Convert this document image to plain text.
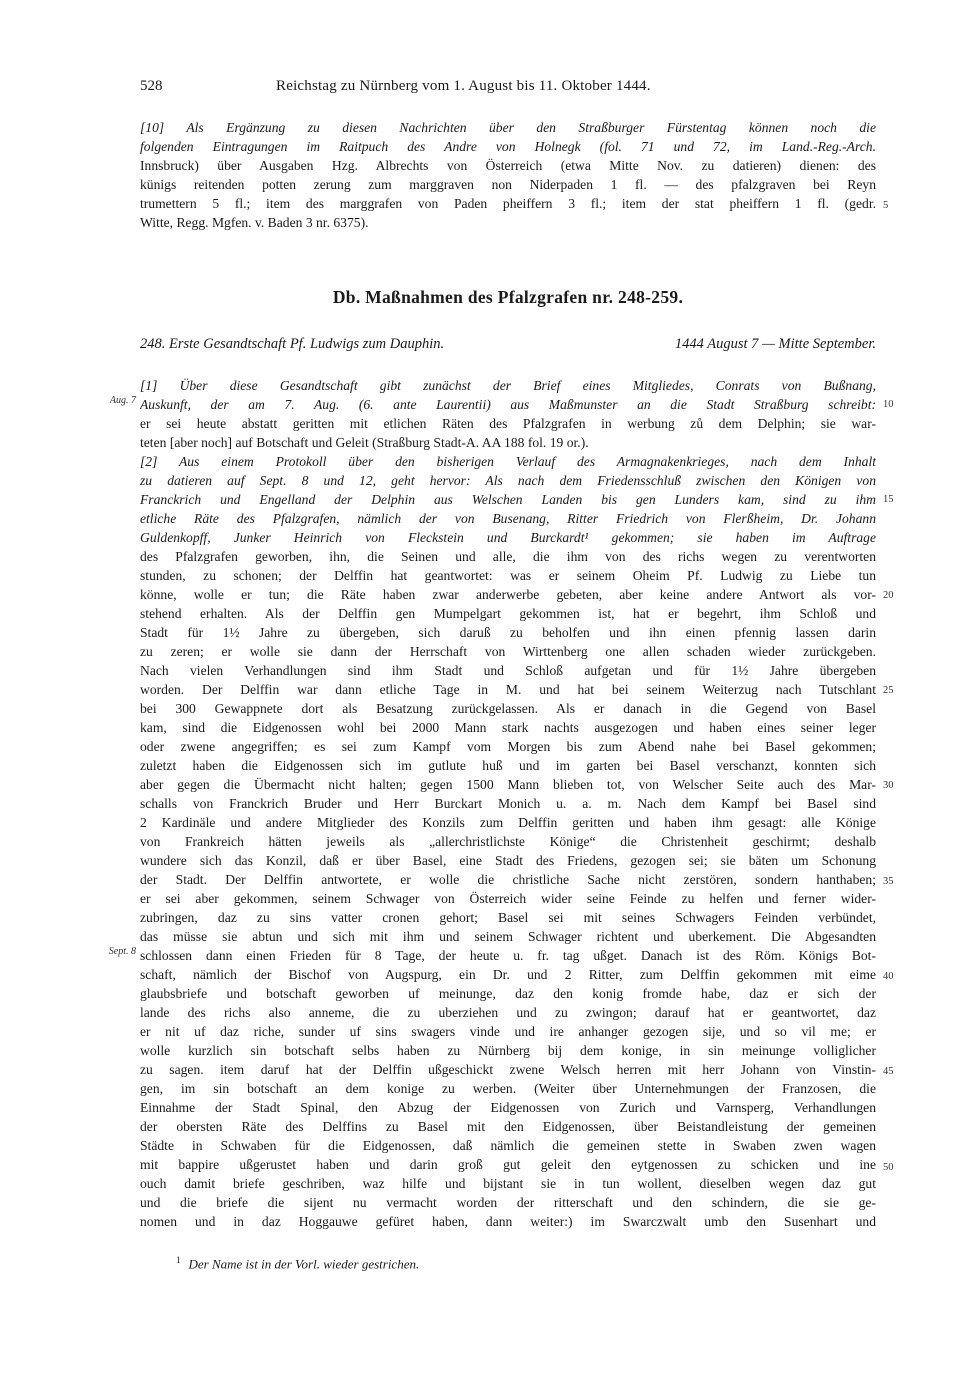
528	Reichstag zu Nürnberg vom 1. August bis 11. Oktober 1444.
[10] Als Ergänzung zu diesen Nachrichten über den Straßburger Fürstentag können noch die
folgenden Eintragungen im Raitpuch des Andre von Holnegk (fol. 71 und 72, im Land.-Reg.-Arch.
Innsbruck) über Ausgaben Hzg. Albrechts von Österreich (etwa Mitte Nov. zu datieren) dienen: des
künigs reitenden potten zerung zum marggraven non Niderpaden 1 fl. — des pfalzgraven bei Reyn
trumettern 5 fl.; item des marggrafen von Paden pheiffern 3 fl.; item der stat pheiffern 1 fl. (gedr.
Witte, Regg. Mgfen. v. Baden 3 nr. 6375).
Db. Maßnahmen des Pfalzgrafen nr. 248-259.
248. Erste Gesandtschaft Pf. Ludwigs zum Dauphin.	1444 August 7 — Mitte September.
[1] Über diese Gesandtschaft gibt zunächst der Brief eines Mitgliedes, Conrats von Bußnang,
Auskunft, der am 7. Aug. (6. ante Laurentii) aus Maßmunster an die Stadt Straßburg schreibt:
er sei heute abstatt geritten mit etlichen Räten des Pfalzgrafen in werbung zů dem Delphin; sie war-
teten [aber noch] auf Botschaft und Geleit (Straßburg Stadt-A. AA 188 fol. 19 or.).
[2] Aus einem Protokoll über den bisherigen Verlauf des Armagnakenkrieges, nach dem Inhalt
zu datieren auf Sept. 8 und 12, geht hervor: Als nach dem Friedensschluß zwischen den Königen von
Franckrich und Engelland der Delphin aus Welschen Landen bis gen Lunders kam, sind zu ihm
etliche Räte des Pfalzgrafen, nämlich der von Busenang, Ritter Friedrich von Flerßheim, Dr. Johann
Guldenkopff, Junker Heinrich von Fleckstein und Burckardt¹ gekommen; sie haben im Auftrage
des Pfalzgrafen geworben, ihn, die Seinen und alle, die ihm von des richs wegen zu verentworten
stunden, zu schonen; der Delffin hat geantwortet: was er seinem Oheim Pf. Ludwig zu Liebe tun
könne, wolle er tun; die Räte haben zwar anderwerbe gebeten, aber keine andere Antwort als vor-
stehend erhalten. Als der Delffin gen Mumpelgart gekommen ist, hat er begehrt, ihm Schloß und
Stadt für 1½ Jahre zu übergeben, sich daruß zu beholfen und ihn einen pfennig lassen darin
zu zeren; er wolle sie dann der Herrschaft von Wirttenberg one allen schaden wieder zurückgeben.
Nach vielen Verhandlungen sind ihm Stadt und Schloß aufgetan und für 1½ Jahre übergeben
worden. Der Delffin war dann etliche Tage in M. und hat bei seinem Weiterzug nach Tutschlant
bei 300 Gewappnete dort als Besatzung zurückgelassen. Als er danach in die Gegend von Basel
kam, sind die Eidgenossen wohl bei 2000 Mann stark nachts ausgezogen und haben eines seiner leger
oder zwene angegriffen; es sei zum Kampf vom Morgen bis zum Abend nahe bei Basel gekommen;
zuletzt haben die Eidgenossen sich im gutlute huß und im garten bei Basel verschanzt, konnten sich
aber gegen die Übermacht nicht halten; gegen 1500 Mann blieben tot, von Welscher Seite auch des Mar-
schalls von Franckrich Bruder und Herr Burckart Monich u. a. m. Nach dem Kampf bei Basel sind
2 Kardinäle und andere Mitglieder des Konzils zum Delffin geritten und haben ihm gesagt: alle Könige
von Frankreich hätten jeweils als „allerchristlichste Könige“ die Christenheit geschirmt; deshalb
wundere sich das Konzil, daß er über Basel, eine Stadt des Friedens, gezogen sei; sie bäten um Schonung
der Stadt. Der Delffin antwortete, er wolle die christliche Sache nicht zerstören, sondern hanthaben;
er sei aber gekommen, seinem Schwager von Österreich wider seine Feinde zu helfen und ferner wider-
zubringen, daz zu sins vatter cronen gehort; Basel sei mit seines Schwagers Feinden verbündet,
das müsse sie abtun und sich mit ihm und seinem Schwager richtent und uberkement. Die Abgesandten
schlossen dann einen Frieden für 8 Tage, der heute u. fr. tag ußget. Danach ist des Röm. Königs Bot-
schaft, nämlich der Bischof von Augspurg, ein Dr. und 2 Ritter, zum Delffin gekommen mit eime
glaubsbriefe und botschaft geworben uf meinunge, daz den konig fromde habe, daz er sich der
lande des richs also anneme, die zu uberziehen und zu zwingon; darauf hat er geantwortet, daz
er nit uf daz riche, sunder uf sins swagers vinde und ire anhanger gezogen sije, und so vil me; er
wolle kurzlich sin botschaft selbs haben zu Nürnberg bij dem konige, in sin meinunge volliglicher
zu sagen. item daruf hat der Delffin ußgeschickt zwene Welsch herren mit herr Johann von Vinstin-
gen, im sin botschaft an dem konige zu werben. (Weiter über Unternehmungen der Franzosen, die
Einnahme der Stadt Spinal, den Abzug der Eidgenossen von Zurich und Varnsperg, Verhandlungen
der obersten Räte des Delffins zu Basel mit den Eidgenossen, über Beistandleistung der gemeinen
Städte in Schwaben für die Eidgenossen, daß nämlich die gemeinen stette in Swaben zwen wagen
mit bappire ußgerustet haben und darin groß gut geleit den eytgenossen zu schicken und ine
ouch damit briefe geschriben, waz hilfe und bijstant sie in tun wollent, dieselben wegen daz gut
und die briefe die sijent nu vermacht worden der ritterschaft und den schindern, die sie ge-
nomen und in daz Hoggauwe gefüret haben, dann weiter:) im Swarczwalt umb den Susenhart und
5
10
15
20
25
30
35
40
45
50
Aug. 7
Sept. 8
$^1$ Der Name ist in der Vorl. wieder gestrichen.
